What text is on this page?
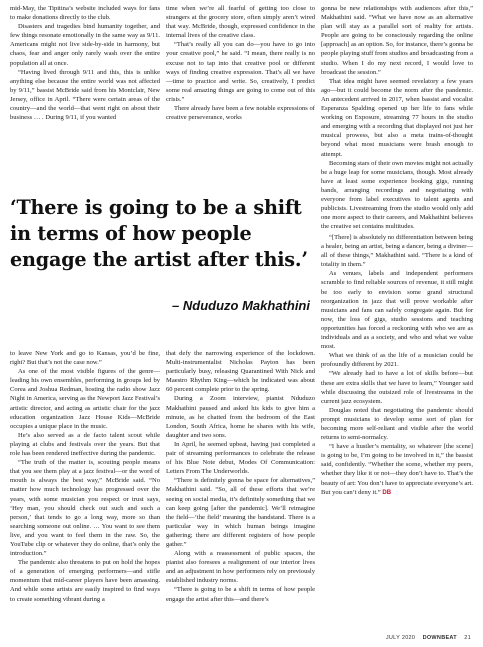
mid-May, the Tipitina’s website included ways for fans to make donations directly to the club.

Disasters and tragedies bind humanity together, and few things resonate emotionally in the same way as 9/11. Americans might not live side-by-side in harmony, but chaos, fear and anger only rarely wash over the entire population all at once.

“Having lived through 9/11 and this, this is unlike anything else because the entire world was not affected by 9/11,” bassist McBride said from his Montclair, New Jersey, office in April. “There were certain areas of the country—and the world—that went right on about their business … . During 9/11, if you wanted

time when we’re all fearful of getting too close to strangers at the grocery store, often simply aren’t wired that way. McBride, though, expressed confidence in the internal lives of the creative class.

“That’s really all you can do—you have to go into your creative pool,” he said. “I mean, there really is no excuse not to tap into that creative pool or different ways of finding creative expression. That’s all we have—time to practice and write. So, creatively, I predict some real amazing things are going to come out of this crisis.”

There already have been a few notable expressions of creative perseverance, works

gonna be new relationships with audiences after this,” Makhathini said. “What we have now as an alternative plan will stay as a parallel sort of reality for artists. People are going to be consciously regarding the online [approach] as an option. So, for instance, there’s gonna be people playing stuff from studios and broadcasting from a studio. When I do my next record, I would love to broadcast the session.”

That idea might have seemed revelatory a few years ago—but it could become the norm after the pandemic. An antecedent arrived in 2017, when bassist and vocalist Esperanza Spalding opened up her life to fans while working on Exposure, streaming 77 hours in the studio and emerging with a recording that displayed not just her musical prowess, but also a meta trains-of-thought beyond what most musicians were brash enough to attempt.

Becoming stars of their own movies might not actually be a huge leap for some musicians, though. Most already have at least some experience booking gigs, running bands, arranging recordings and negotiating with everyone from label executives to talent agents and publicists. Livestreaming from the studio would only add one more aspect to their careers, and Makhathini believes the creative set contains multitudes.

‘There is going to be a shift in terms of how people engage the artist after this.’

– Nduduzo Makhathini

to leave New York and go to Kansas, you’d be fine, right? But that’s not the case now.”

As one of the most visible figures of the genre—leading his own ensembles, performing in groups led by Corea and Joshua Redman, hosting the radio show Jazz Night in America, serving as the Newport Jazz Festival’s artistic director, and acting as artistic chair for the jazz education organization Jazz House Kids—McBride occupies a unique place in the music.

He’s also served as a de facto talent scout while playing at clubs and festivals over the years. But that role has been rendered ineffective during the pandemic.

“The truth of the matter is, scouting people means that you see them play at a jazz festival—or the word of mouth is always the best way,” McBride said. “No matter how much technology has progressed over the years, with some musician you respect or trust says, ‘Hey man, you should check out such and such a person,’ that tends to go a long way, more so than searching someone out online. … You want to see them live, and you want to feel them in the raw. So, the YouTube clip or whatever they do online, that’s only the introduction.”

The pandemic also threatens to put on hold the hopes of a generation of emerging performers—and stifle momentum that mid-career players have been amassing. And while some artists are easily inspired to find ways to create something vibrant during a

that defy the narrowing experience of the lockdown. Multi-instrumentalist Nicholas Payton has been particularly busy, releasing Quarantined With Nick and Maestro Rhythm King—which he indicated was about 60 percent complete prior to the spring.

During a Zoom interview, pianist Nduduzo Makhathini paused and asked his kids to give him a minute, as he chatted from the bedroom of the East London, South Africa, home he shares with his wife, daughter and two sons.

In April, he seemed upbeat, having just completed a pair of streaming performances to celebrate the release of his Blue Note debut, Modes Of Communication: Letters From The Underworlds.

“There is definitely gonna be space for alternatives,” Makhathini said. “So, all of these efforts that we’re seeing on social media, it’s definitely something that we can keep going [after the pandemic]. We’ll reimagine the field—‘the field’ meaning the bandstand. There is a particular way in which human beings imagine gathering; there are different registers of how people gather.”

Along with a reassessment of public spaces, the pianist also foresees a realignment of our interior lives and an adjustment in how performers rely on previously established industry norms.

“There is going to be a shift in terms of how people engage the artist after this—and there’s

“[There] is absolutely no differentiation between being a healer, being an artist, being a dancer, being a diviner—all of these things,” Makhathini said. “There is a kind of totality in them.”

As venues, labels and independent performers scramble to find reliable sources of revenue, it still might be too early to envision some grand structural reorganization in jazz that will prove workable after musicians and fans can safely congregate again. But for now, the loss of gigs, studio sessions and teaching opportunities has forced a reckoning with who we are as individuals and as a society, and who and what we value most.

What we think of as the life of a musician could be profoundly different by 2021.

“We already had to have a lot of skills before—but these are extra skills that we have to learn,” Younger said while discussing the outsized role of livestreams in the current jazz ecosystem.

Douglas noted that negotiating the pandemic should prompt musicians to develop some sort of plan for becoming more self-reliant and visible after the world returns to semi-normalcy.

“I have a hustler’s mentality, so whatever [the scene] is going to be, I’m going to be involved in it,” the bassist said, confidently. “Whether the scene, whether my peers, whether they like it or not—they don’t have to. That’s the beauty of art: You don’t have to appreciate everyone’s art. But you can’t deny it.” DB

JULY 2020 DOWNBEAT 21
